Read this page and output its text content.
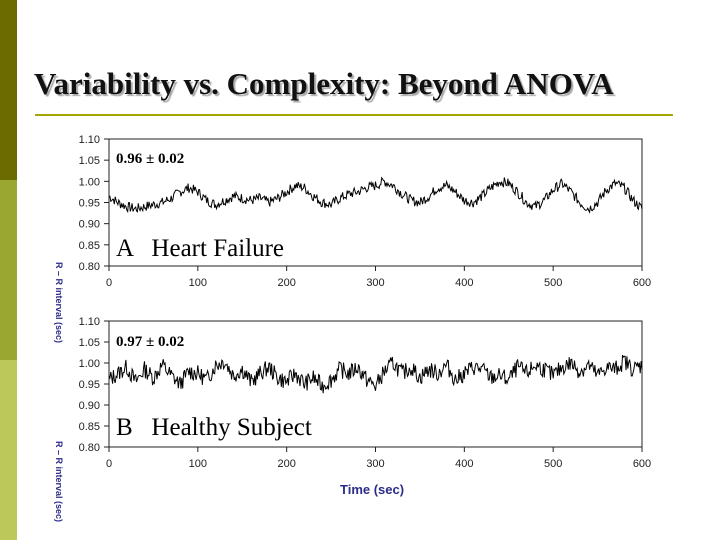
Variability vs. Complexity: Beyond ANOVA
0.80
0.85
0.90
0.95
1.00
1.05
1.10
0	100	200	300	400	500	600
0.96 ± 0.02
A   Heart Failure
0.80
0.85
0.90
0.95
1.00
1.05
1.10
0	100	200	300	400	500	600
0.97 ± 0.02
B   Healthy Subject
R – R interval (sec)
R – R interval (sec)	Time (sec)
